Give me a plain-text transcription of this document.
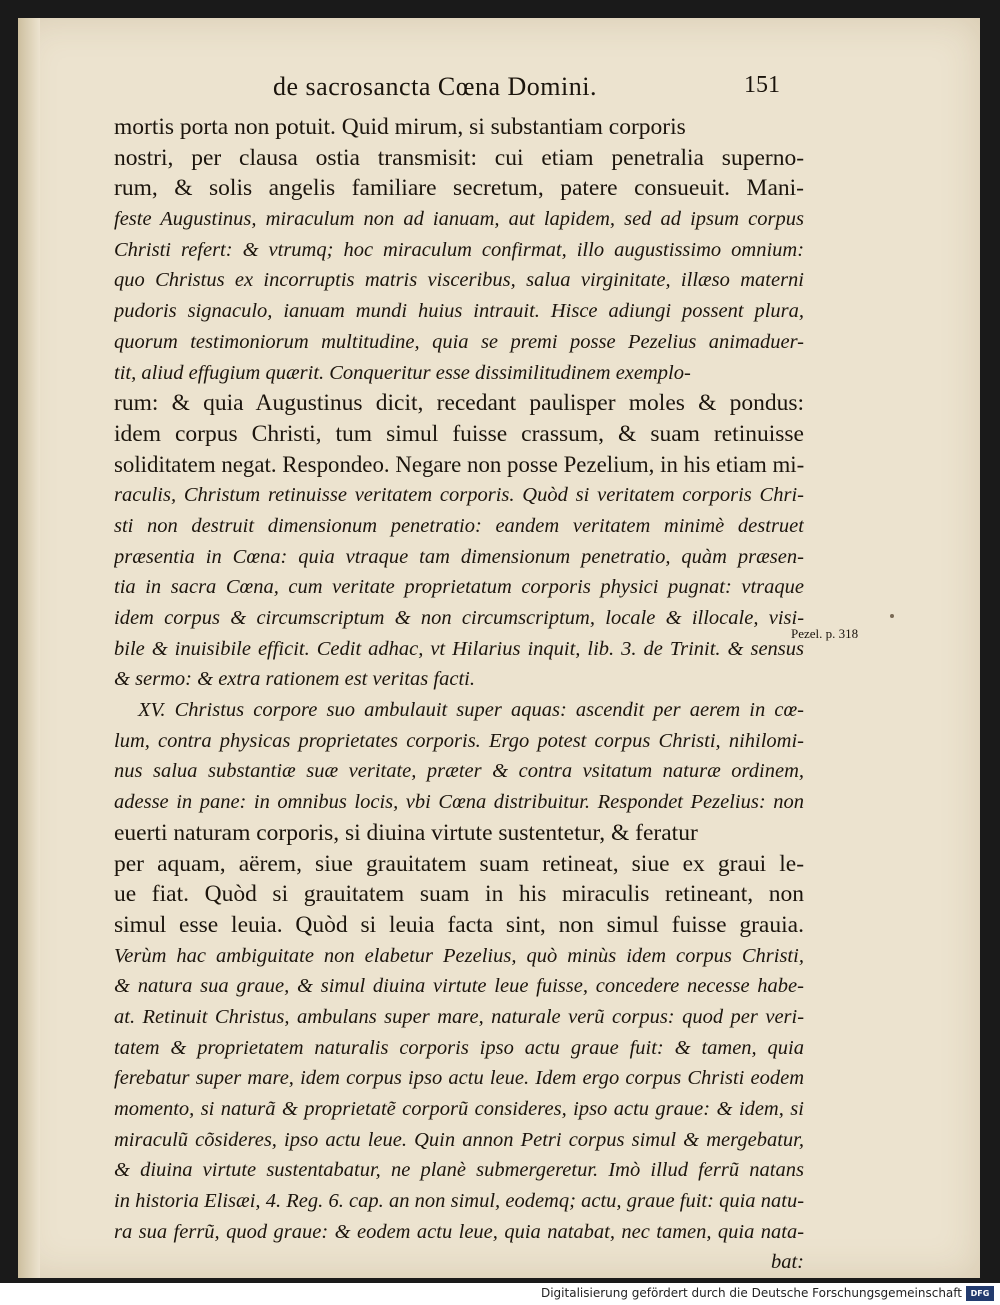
de sacrosancta Cœna Domini.	151
mortis porta non potuit. Quid mirum, si substantiam corporis
nostri, per clausa ostia transmisit: cui etiam penetralia superno-
rum, & solis angelis familiare secretum, patere consueuit. Mani-
feste Augustinus, miraculum non ad ianuam, aut lapidem, sed ad ipsum corpus
Christi refert: & vtrumq; hoc miraculum confirmat, illo augustissimo omnium:
quo Christus ex incorruptis matris visceribus, salua virginitate, illæso materni
pudoris signaculo, ianuam mundi huius intrauit. Hisce adiungi possent plura,
quorum testimoniorum multitudine, quia se premi posse Pezelius animaduer-
tit, aliud effugium quærit. Conqueritur esse dissimilitudinem exemplo-
rum: & quia Augustinus dicit, recedant paulisper moles & pondus:
idem corpus Christi, tum simul fuisse crassum, & suam retinuisse
soliditatem negat. Respondeo. Negare non posse Pezelium, in his etiam mi-
raculis, Christum retinuisse veritatem corporis. Quòd si veritatem corporis Chri-
sti non destruit dimensionum penetratio: eandem veritatem minimè destruet
præsentia in Cœna: quia vtraque tam dimensionum penetratio, quàm præsen-
tia in sacra Cœna, cum veritate proprietatum corporis physici pugnat: vtraque
idem corpus & circumscriptum & non circumscriptum, locale & illocale, visi-
bile & inuisibile efficit. Cedit adhac, vt Hilarius inquit, lib. 3. de Trinit. & sensus
& sermo: & extra rationem est veritas facti.
XV. Christus corpore suo ambulauit super aquas: ascendit per aerem in cœ-
lum, contra physicas proprietates corporis. Ergo potest corpus Christi, nihilomi-
nus salua substantiæ suæ veritate, præter & contra vsitatum naturæ ordinem,
adesse in pane: in omnibus locis, vbi Cœna distribuitur. Respondet Pezelius: non
euerti naturam corporis, si diuina virtute sustentetur, & feratur
per aquam, aërem, siue grauitatem suam retineat, siue ex graui le-
ue fiat. Quòd si grauitatem suam in his miraculis retineant, non
simul esse leuia. Quòd si leuia facta sint, non simul fuisse grauia.
Verùm hac ambiguitate non elabetur Pezelius, quò minùs idem corpus Christi,
& natura sua graue, & simul diuina virtute leue fuisse, concedere necesse habe-
at. Retinuit Christus, ambulans super mare, naturale verũ corpus: quod per veri-
tatem & proprietatem naturalis corporis ipso actu graue fuit: & tamen, quia
ferebatur super mare, idem corpus ipso actu leue. Idem ergo corpus Christi eodem
momento, si naturã & proprietatẽ corporũ consideres, ipso actu graue: & idem, si
miraculũ cõsideres, ipso actu leue. Quin annon Petri corpus simul & mergebatur,
& diuina virtute sustentabatur, ne planè submergeretur. Imò illud ferrũ natans
in historia Elisæi, 4. Reg. 6. cap. an non simul, eodemq; actu, graue fuit: quia natu-
ra sua ferrũ, quod graue: & eodem actu leue, quia natabat, nec tamen, quia nata-
bat:
Pezel. p. 318
Digitalisierung gefördert durch die Deutsche Forschungsgemeinschaft	DFG
